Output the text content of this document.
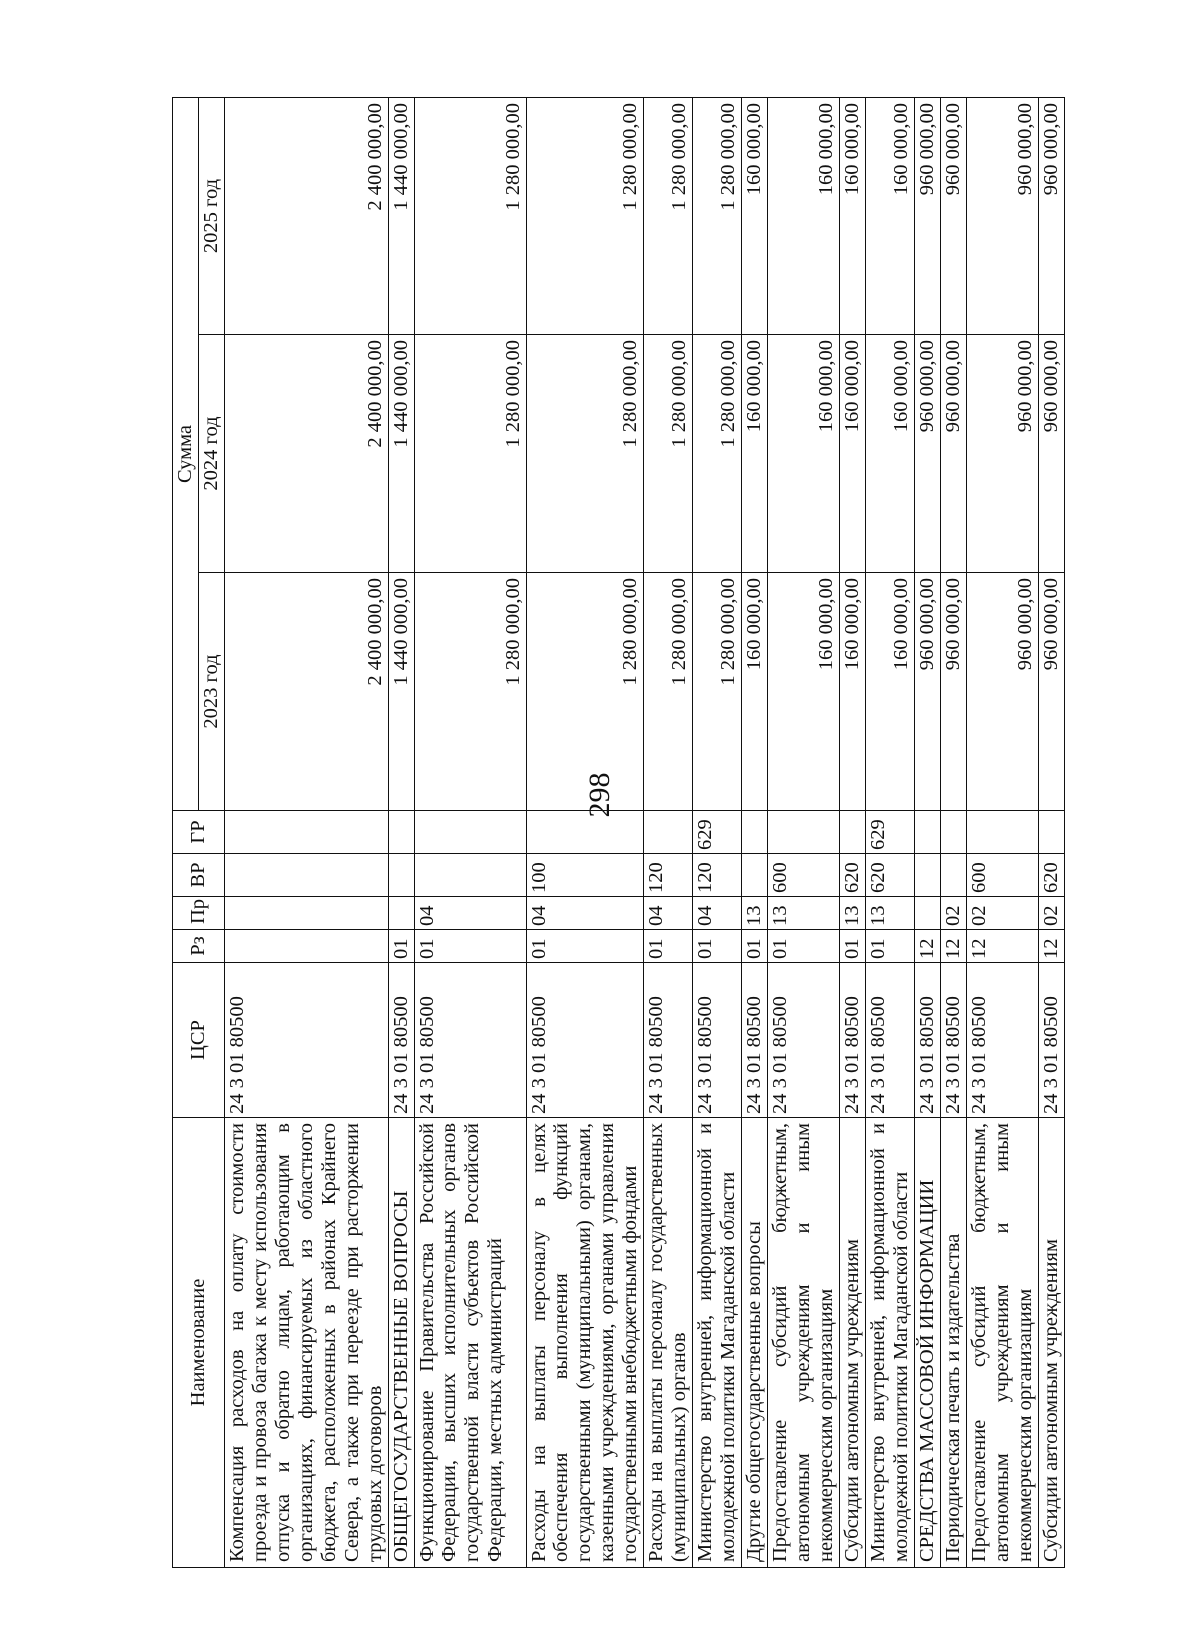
298
Наименование	ЦСР	Рз	Пр	ВР	ГР	Сумма		
						2023 год	2024 год	2025 год
Компенсация расходов на оплату стоимости проезда и провоза багажа к месту использования отпуска и обратно лицам, работающим в организациях, финансируемых из областного бюджета, расположенных в районах Крайнего Севера, а также при переезде при расторжении трудовых договоров	24 3 01 80500					2 400 000,00	2 400 000,00	2 400 000,00
ОБЩЕГОСУДАРСТВЕННЫЕ ВОПРОСЫ	24 3 01 80500	01				1 440 000,00	1 440 000,00	1 440 000,00
Функционирование Правительства Российской Федерации, высших исполнительных органов государственной власти субъектов Российской Федерации, местных администраций	24 3 01 80500	01	04			1 280 000,00	1 280 000,00	1 280 000,00
Расходы на выплаты персоналу в целях обеспечения выполнения функций государственными (муниципальными) органами, казенными учреждениями, органами управления государственными внебюджетными фондами	24 3 01 80500	01	04	100		1 280 000,00	1 280 000,00	1 280 000,00
Расходы на выплаты персоналу государственных (муниципальных) органов	24 3 01 80500	01	04	120		1 280 000,00	1 280 000,00	1 280 000,00
Министерство внутренней, информационной и молодежной политики Магаданской области	24 3 01 80500	01	04	120	629	1 280 000,00	1 280 000,00	1 280 000,00
Другие общегосударственные вопросы	24 3 01 80500	01	13			160 000,00	160 000,00	160 000,00
Предоставление субсидий бюджетным, автономным учреждениям и иным некоммерческим организациям	24 3 01 80500	01	13	600		160 000,00	160 000,00	160 000,00
Субсидии автономным учреждениям	24 3 01 80500	01	13	620		160 000,00	160 000,00	160 000,00
Министерство внутренней, информационной и молодежной политики Магаданской области	24 3 01 80500	01	13	620	629	160 000,00	160 000,00	160 000,00
СРЕДСТВА МАССОВОЙ ИНФОРМАЦИИ	24 3 01 80500	12				960 000,00	960 000,00	960 000,00
Периодическая печать и издательства	24 3 01 80500	12	02			960 000,00	960 000,00	960 000,00
Предоставление субсидий бюджетным, автономным учреждениям и иным некоммерческим организациям	24 3 01 80500	12	02	600		960 000,00	960 000,00	960 000,00
Субсидии автономным учреждениям	24 3 01 80500	12	02	620		960 000,00	960 000,00	960 000,00
